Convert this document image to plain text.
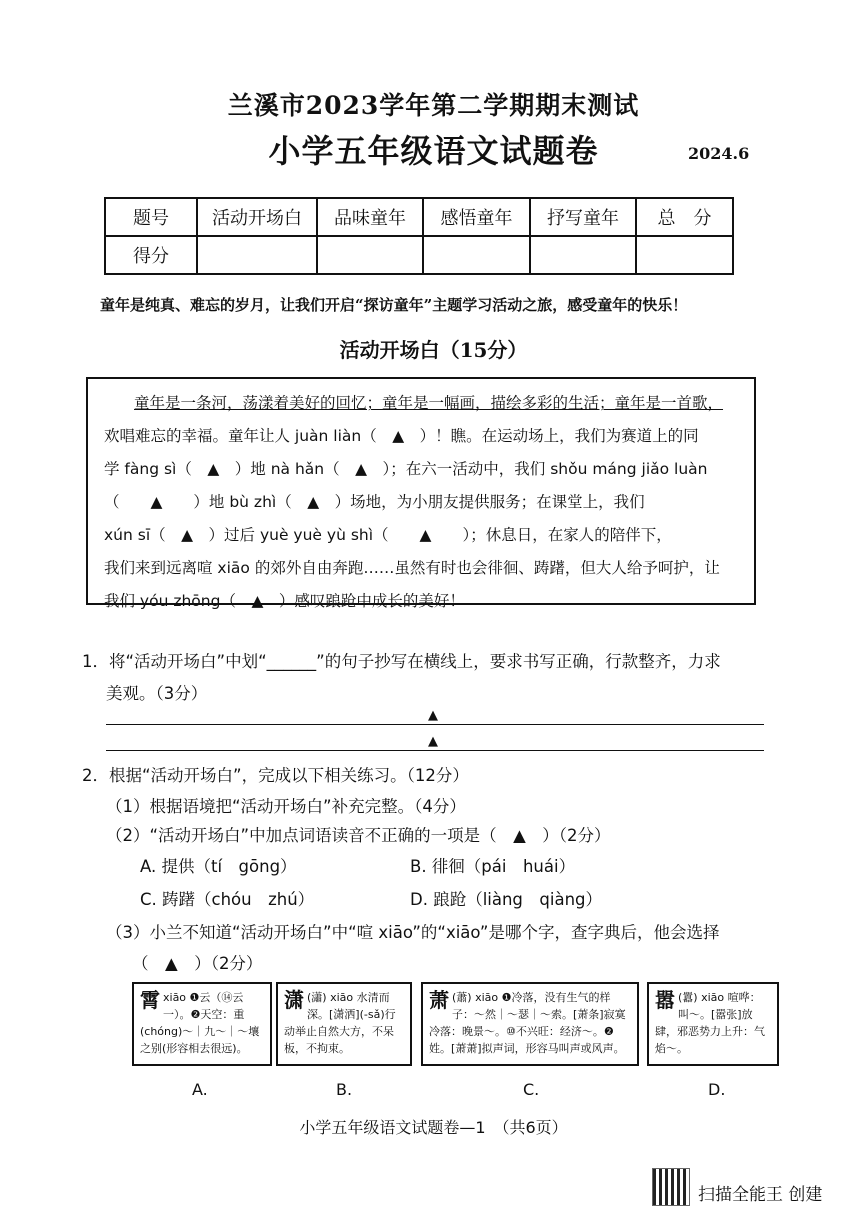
兰溪市2023学年第二学期期末测试
小学五年级语文试题卷	2024.6
题号	活动开场白	品味童年	感悟童年	抒写童年	总　分
得分					
童年是纯真、难忘的岁月，让我们开启“探访童年”主题学习活动之旅，感受童年的快乐！
活动开场白（15分）

童年是一条河，荡漾着美好的回忆；童年是一幅画，描绘多彩的生活；童年是一首歌，

欢唱难忘的幸福。童年让人 juàn liàn（　▲　）！瞧。在运动场上，我们为赛道上的同

学 fàng sì（　▲　）地 nà hǎn（　▲　）；在六一活动中，我们 shǒu máng jiǎo luàn

（　　▲　　）地 bù zhì（　▲　）场地，为小朋友提供服务；在课堂上，我们

xún sī（　▲　）过后 yuè yuè yù shì（　　▲　　）；休息日，在家人的陪伴下，

我们来到远离喧 xiāo 的郊外自由奔跑……虽然有时也会徘徊、踌躇，但大人给予呵护，让

我们 yóu zhōng（　▲　）感叹踉跄中成长的美好！

1．将“活动开场白”中划“______”的句子抄写在横线上，要求书写正确，行款整齐，力求
美观。（3分）
▲
▲
2．根据“活动开场白”，完成以下相关练习。（12分）
（1）根据语境把“活动开场白”补充完整。（4分）
（2）“活动开场白”中加点词语读音不正确的一项是（　▲　）（2分）
A. 提供（tí　gōng）	B. 徘徊（pái　huái）
C. 踌躇（chóu　zhú）	D. 踉跄（liàng　qiàng）
（3）小兰不知道“活动开场白”中“喧 xiāo”的“xiāo”是哪个字，查字典后，他会选择
（　▲　）（2分）
霄 xiāo ❶云（⑭云一）。❷天空：重(chóng)～｜九～｜～壤之别(形容相去很远)。
潇 (瀟) xiāo 水清而深。[潇洒](-sǎ)行动举止自然大方，不呆板，不拘束。
萧 (蕭) xiāo ❶冷落，没有生气的样子：～然｜～瑟｜～索。[萧条]寂寞冷落：晚景～。⑩不兴旺：经济～。❷姓。[萧萧]拟声词，形容马叫声或风声。
嚣 (囂) xiāo 喧哗：叫～。[嚣张]放肆，邪恶势力上升：气焰～。
A.	B.	C.	D.
小学五年级语文试题卷—1　（共6页）
扫描全能王 创建
